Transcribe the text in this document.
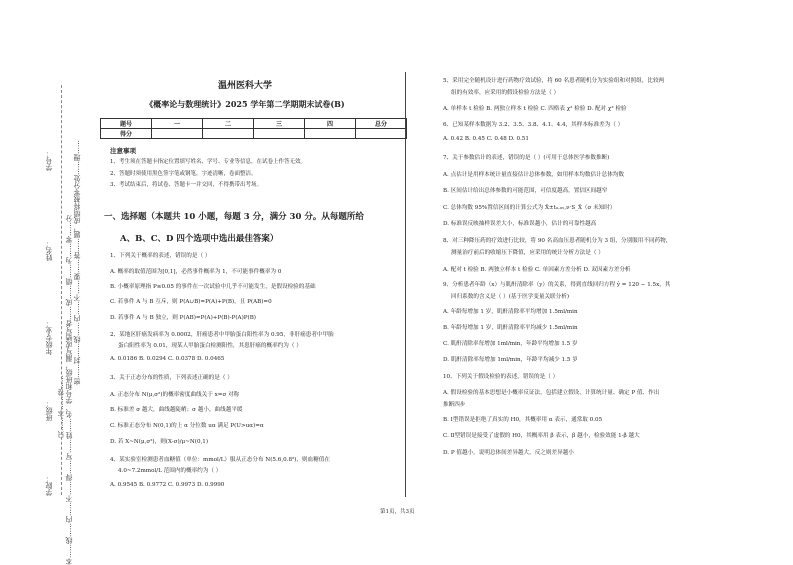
学号：	密……封……线……内……不……要……答……题，成绩将被零分处……理……
姓名： 本……线……内……不……得……写……姓……名、学号和班级，漏写或错写者……成……绩……为……零……分
年级专业：
只……本……卷……
班级：
学院：
温州医科大学
《概率论与数理统计》2025 学年第二学期期末试卷(B)
题号	一	二	三	四	总分
得分					
注意事项
1、考生须在答题卡指定位置填写姓名、学号、专业等信息，在试卷上作答无效。
2、答题时须使用黑色签字笔或钢笔，字迹清晰，卷面整洁。
3、考试结束后，将试卷、答题卡一并交回，不得携带出考场。
一、选择题（本题共 10 小题，每题 3 分，满分 30 分。从每题所给
A、B、C、D 四个选项中选出最佳答案）
1、下列关于概率的表述，错误的是（ ）
A. 概率的取值范围为[0,1]，必然事件概率为 1，不可能事件概率为 0
B. 小概率原理指 P≤0.05 的事件在一次试验中几乎不可能发生，是假设检验的基础
C. 若事件 A 与 B 互斥，则 P(A∪B)=P(A)+P(B)，且 P(AB)=0
D. 若事件 A 与 B 独立，则 P(AB)=P(A)+P(B)-P(A)P(B)
2、某地区肝癌发病率为 0.0002，肝癌患者中甲胎蛋白阳性率为 0.95，非肝癌患者中甲胎
蛋白阳性率为 0.01，现某人甲胎蛋白检测阳性，其患肝癌的概率约为（ ）
A. 0.0186 B. 0.0294 C. 0.0378 D. 0.0465
3、关于正态分布的性质，下列表述正确的是（ ）
A. 正态分布 N(μ,σ²)的概率密度曲线关于 x=σ 对称
B. 标准差 σ 越大，曲线越陡峭；σ 越小，曲线越平缓
C. 标准正态分布 N(0,1)的上 α 分位数 uα 满足 P(U>uα)=α
D. 若 X~N(μ,σ²)，则(X-σ)/μ~N(0,1)
4、某实验室检测患者血糖值（单位：mmol/L）服从正态分布 N(5.6,0.8²)，则血糖值在
4.0~7.2mmol/L 范围内的概率约为（ ）
A. 0.9545 B. 0.9772 C. 0.9973 D. 0.9990
5、采用完全随机设计进行药物疗效试验，将 60 名患者随机分为实验组和对照组，比较两
组的有效率，应采用的假设检验方法是（ ）
A. 单样本 t 检验 B. 两独立样本 t 检验 C. 四格表 χ² 检验 D. 配对 χ² 检验
6、已知某样本数据为 3.2、3.5、3.8、4.1、4.4，其样本标准差为（ ）
A. 0.42 B. 0.45 C. 0.48 D. 0.51
7、关于参数估计的表述，错误的是（ ）(可用于总体医学参数推断)
A. 点估计是用样本统计量直接估计总体参数，如用样本均数估计总体均数
B. 区间估计给出总体参数的可能范围，可信度越高，置信区间越窄
C. 总体均数 95%置信区间的计算公式为 X̄±t₀.₀₅,ν·S_X̄（σ 未知时）
D. 标准误反映抽样误差大小，标准误越小，估计的可靠性越高
8、对三种降压药的疗效进行比较，将 90 名高血压患者随机分为 3 组，分别服用不同药物，
测量治疗前后的收缩压下降值，应采用的统计分析方法是（ ）
A. 配对 t 检验 B. 两独立样本 t 检验 C. 单因素方差分析 D. 双因素方差分析
9、分析患者年龄（x）与肌酐清除率（y）的关系，得到直线回归方程 ŷ = 120 − 1.5x，其
回归系数的含义是（ ）(基于医学变量关联分析)
A. 年龄每增加 1 岁，肌酐清除率平均增加 1.5ml/min
B. 年龄每增加 1 岁，肌酐清除率平均减少 1.5ml/min
C. 肌酐清除率每增加 1ml/min，年龄平均增加 1.5 岁
D. 肌酐清除率每增加 1ml/min，年龄平均减少 1.5 岁
10、下列关于假设检验的表述，错误的是（ ）
A. 假设检验的基本思想是小概率反证法，包括建立假设、计算统计量、确定 P 值、作出
推断四步
B. Ⅰ型错误是拒绝了真实的 H0，其概率用 α 表示，通常取 0.05
C. Ⅱ型错误是接受了虚假的 H0，其概率用 β 表示，β 越小，检验效能 1-β 越大
D. P 值越小，说明总体间差异越大，反之则差异越小
第1页，共3页
